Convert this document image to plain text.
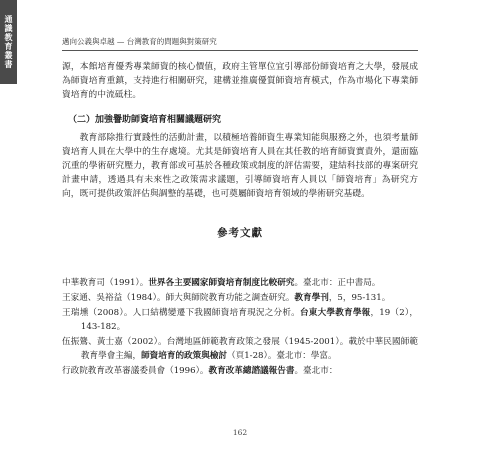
通識教育叢書	邁向公義與卓越 — 台灣教育的問題與對策研究

源，本館培育優秀專業師資的核心價值，政府主管單位宜引導部份師資培育之大學，發展成為師資培育重鎮，支持進行相關研究，建構並推廣優質師資培育模式，作為市場化下專業師資培育的中流砥柱。

（二）加強譽助師資培育相關議題研究

教育部除推行實踐性的活動計畫，以積極培養師資生專業知能與服務之外，也須考量師資培育人員在大學中的生存處境。尤其是師資培育人員在其任教的培育師資實責外，還面臨沉重的學術研究壓力，教育部或可基於各種政策或制度的評估需要，建結科技部的專案研究計畫申請，透過具有未來性之政策需求議題，引導師資培育人員以「師資培育」為研究方向，既可提供政策評估與調整的基礎，也可奠屬師資培育領域的學術研究基礎。

參考文獻

中華教育司（1991）。世界各主要國家師資培育制度比較研究。臺北市：正中書局。

王家通、吳裕益（1984）。師大與師院教育功能之調查研究。教育學刊，5，95-131。

王瑞壎（2008）。人口結構變遷下我國師資培育現況之分析。台東大學教育學報，19（2），143-182。

伍振鷟、黃士嘉（2002）。台灣地區師範教育政策之發展（1945-2001）。載於中華民國師範教育學會主編，師資培育的政策與檢討（頁1-28）。臺北市：學富。

行政院教育改革審議委員會（1996）。教育改革總諮議報告書。臺北市：

162
